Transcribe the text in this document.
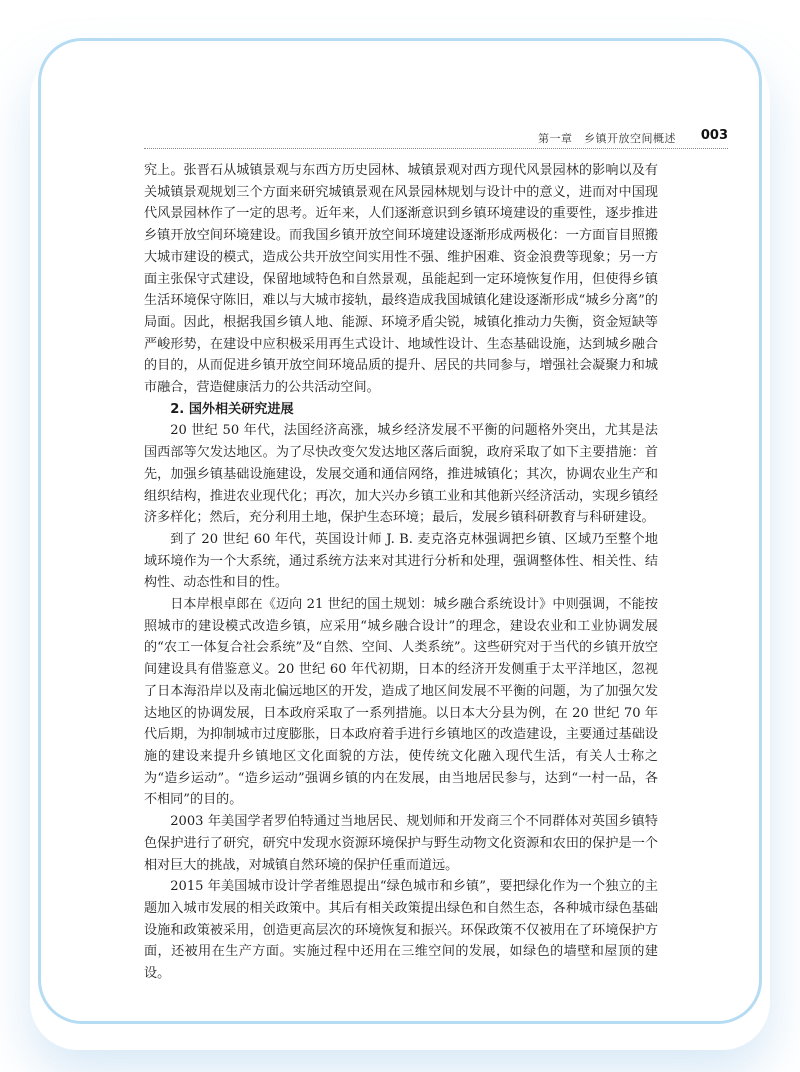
第一章　乡镇开放空间概述 003

究上。张晋石从城镇景观与东西方历史园林、城镇景观对西方现代风景园林的影响以及有关城镇景观规划三个方面来研究城镇景观在风景园林规划与设计中的意义，进而对中国现代风景园林作了一定的思考。近年来，人们逐渐意识到乡镇环境建设的重要性，逐步推进乡镇开放空间环境建设。而我国乡镇开放空间环境建设逐渐形成两极化：一方面盲目照搬大城市建设的模式，造成公共开放空间实用性不强、维护困难、资金浪费等现象；另一方面主张保守式建设，保留地域特色和自然景观，虽能起到一定环境恢复作用，但使得乡镇生活环境保守陈旧，难以与大城市接轨，最终造成我国城镇化建设逐渐形成“城乡分离”的局面。因此，根据我国乡镇人地、能源、环境矛盾尖锐，城镇化推动力失衡，资金短缺等严峻形势，在建设中应积极采用再生式设计、地域性设计、生态基础设施，达到城乡融合的目的，从而促进乡镇开放空间环境品质的提升、居民的共同参与，增强社会凝聚力和城市融合，营造健康活力的公共活动空间。

2. 国外相关研究进展

20 世纪 50 年代，法国经济高涨，城乡经济发展不平衡的问题格外突出，尤其是法国西部等欠发达地区。为了尽快改变欠发达地区落后面貌，政府采取了如下主要措施：首先，加强乡镇基础设施建设，发展交通和通信网络，推进城镇化；其次，协调农业生产和组织结构，推进农业现代化；再次，加大兴办乡镇工业和其他新兴经济活动，实现乡镇经济多样化；然后，充分利用土地，保护生态环境；最后，发展乡镇科研教育与科研建设。

到了 20 世纪 60 年代，英国设计师 J. B. 麦克洛克林强调把乡镇、区域乃至整个地域环境作为一个大系统，通过系统方法来对其进行分析和处理，强调整体性、相关性、结构性、动态性和目的性。

日本岸根卓郎在《迈向 21 世纪的国土规划：城乡融合系统设计》中则强调，不能按照城市的建设模式改造乡镇，应采用“城乡融合设计”的理念，建设农业和工业协调发展的“农工一体复合社会系统”及“自然、空间、人类系统”。这些研究对于当代的乡镇开放空间建设具有借鉴意义。20 世纪 60 年代初期，日本的经济开发侧重于太平洋地区，忽视了日本海沿岸以及南北偏远地区的开发，造成了地区间发展不平衡的问题，为了加强欠发达地区的协调发展，日本政府采取了一系列措施。以日本大分县为例，在 20 世纪 70 年代后期，为抑制城市过度膨胀，日本政府着手进行乡镇地区的改造建设，主要通过基础设施的建设来提升乡镇地区文化面貌的方法，使传统文化融入现代生活，有关人士称之为“造乡运动”。“造乡运动”强调乡镇的内在发展，由当地居民参与，达到“一村一品，各不相同”的目的。

2003 年美国学者罗伯特通过当地居民、规划师和开发商三个不同群体对英国乡镇特色保护进行了研究，研究中发现水资源环境保护与野生动物文化资源和农田的保护是一个相对巨大的挑战，对城镇自然环境的保护任重而道远。

2015 年美国城市设计学者维恩提出“绿色城市和乡镇”，要把绿化作为一个独立的主题加入城市发展的相关政策中。其后有相关政策提出绿色和自然生态，各种城市绿色基础设施和政策被采用，创造更高层次的环境恢复和振兴。环保政策不仅被用在了环境保护方面，还被用在生产方面。实施过程中还用在三维空间的发展，如绿色的墙壁和屋顶的建设。
